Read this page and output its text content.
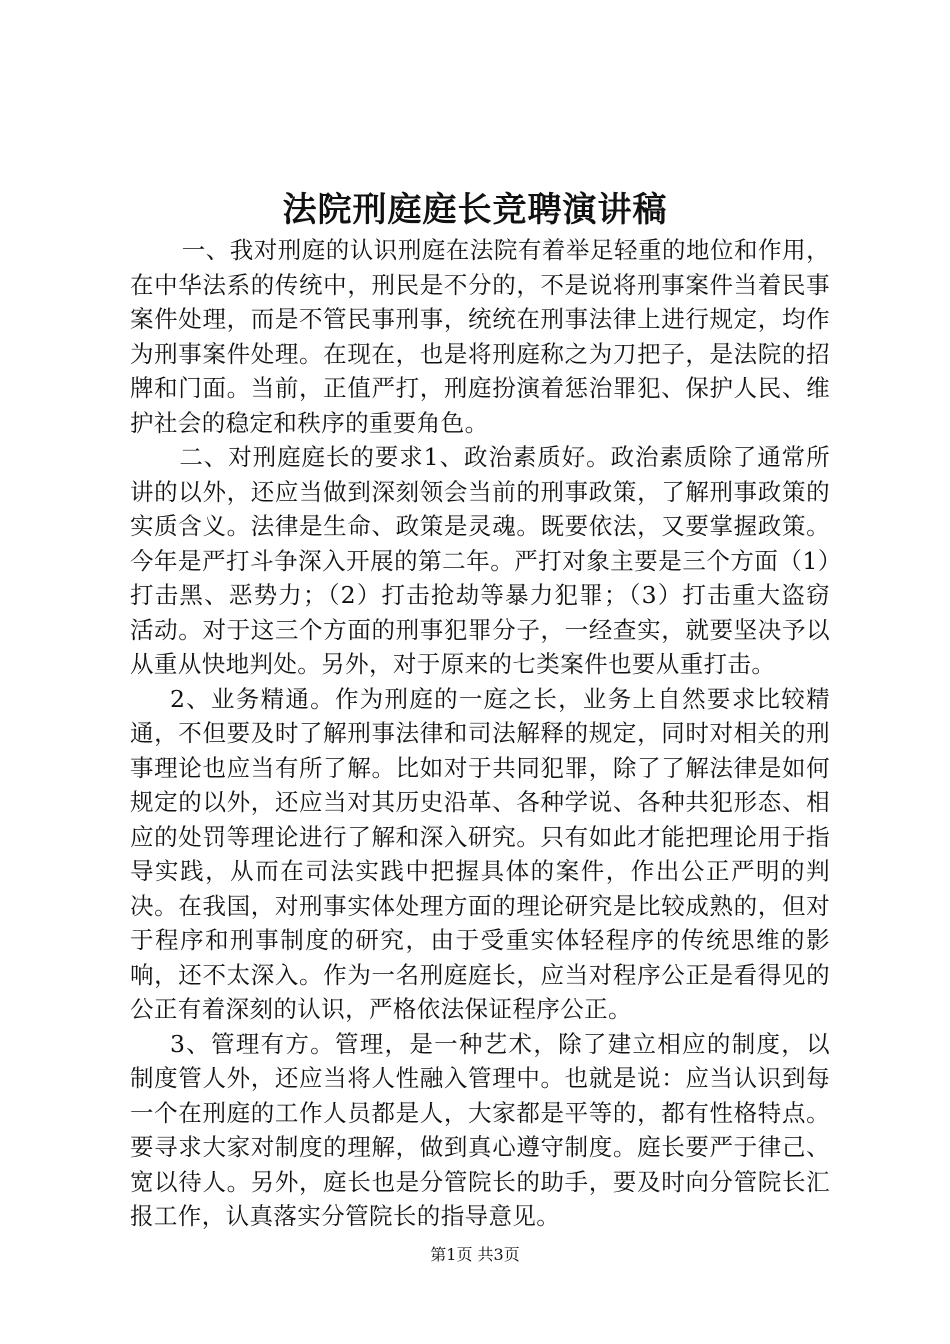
法院刑庭庭长竞聘演讲稿

一、我对刑庭的认识刑庭在法院有着举足轻重的地位和作用，在中华法系的传统中，刑民是不分的，不是说将刑事案件当着民事案件处理，而是不管民事刑事，统统在刑事法律上进行规定，均作为刑事案件处理。在现在，也是将刑庭称之为刀把子，是法院的招牌和门面。当前，正值严打，刑庭扮演着惩治罪犯、保护人民、维护社会的稳定和秩序的重要角色。

二、对刑庭庭长的要求1、政治素质好。政治素质除了通常所讲的以外，还应当做到深刻领会当前的刑事政策，了解刑事政策的实质含义。法律是生命、政策是灵魂。既要依法，又要掌握政策。今年是严打斗争深入开展的第二年。严打对象主要是三个方面（1）打击黑、恶势力；（2）打击抢劫等暴力犯罪；（3）打击重大盗窃活动。对于这三个方面的刑事犯罪分子，一经查实，就要坚决予以从重从快地判处。另外，对于原来的七类案件也要从重打击。

2、业务精通。作为刑庭的一庭之长，业务上自然要求比较精通，不但要及时了解刑事法律和司法解释的规定，同时对相关的刑事理论也应当有所了解。比如对于共同犯罪，除了了解法律是如何规定的以外，还应当对其历史沿革、各种学说、各种共犯形态、相应的处罚等理论进行了解和深入研究。只有如此才能把理论用于指导实践，从而在司法实践中把握具体的案件，作出公正严明的判决。在我国，对刑事实体处理方面的理论研究是比较成熟的，但对于程序和刑事制度的研究，由于受重实体轻程序的传统思维的影响，还不太深入。作为一名刑庭庭长，应当对程序公正是看得见的公正有着深刻的认识，严格依法保证程序公正。

3、管理有方。管理，是一种艺术，除了建立相应的制度，以制度管人外，还应当将人性融入管理中。也就是说：应当认识到每一个在刑庭的工作人员都是人，大家都是平等的，都有性格特点。要寻求大家对制度的理解，做到真心遵守制度。庭长要严于律己、宽以待人。另外，庭长也是分管院长的助手，要及时向分管院长汇报工作，认真落实分管院长的指导意见。

第1页 共3页
